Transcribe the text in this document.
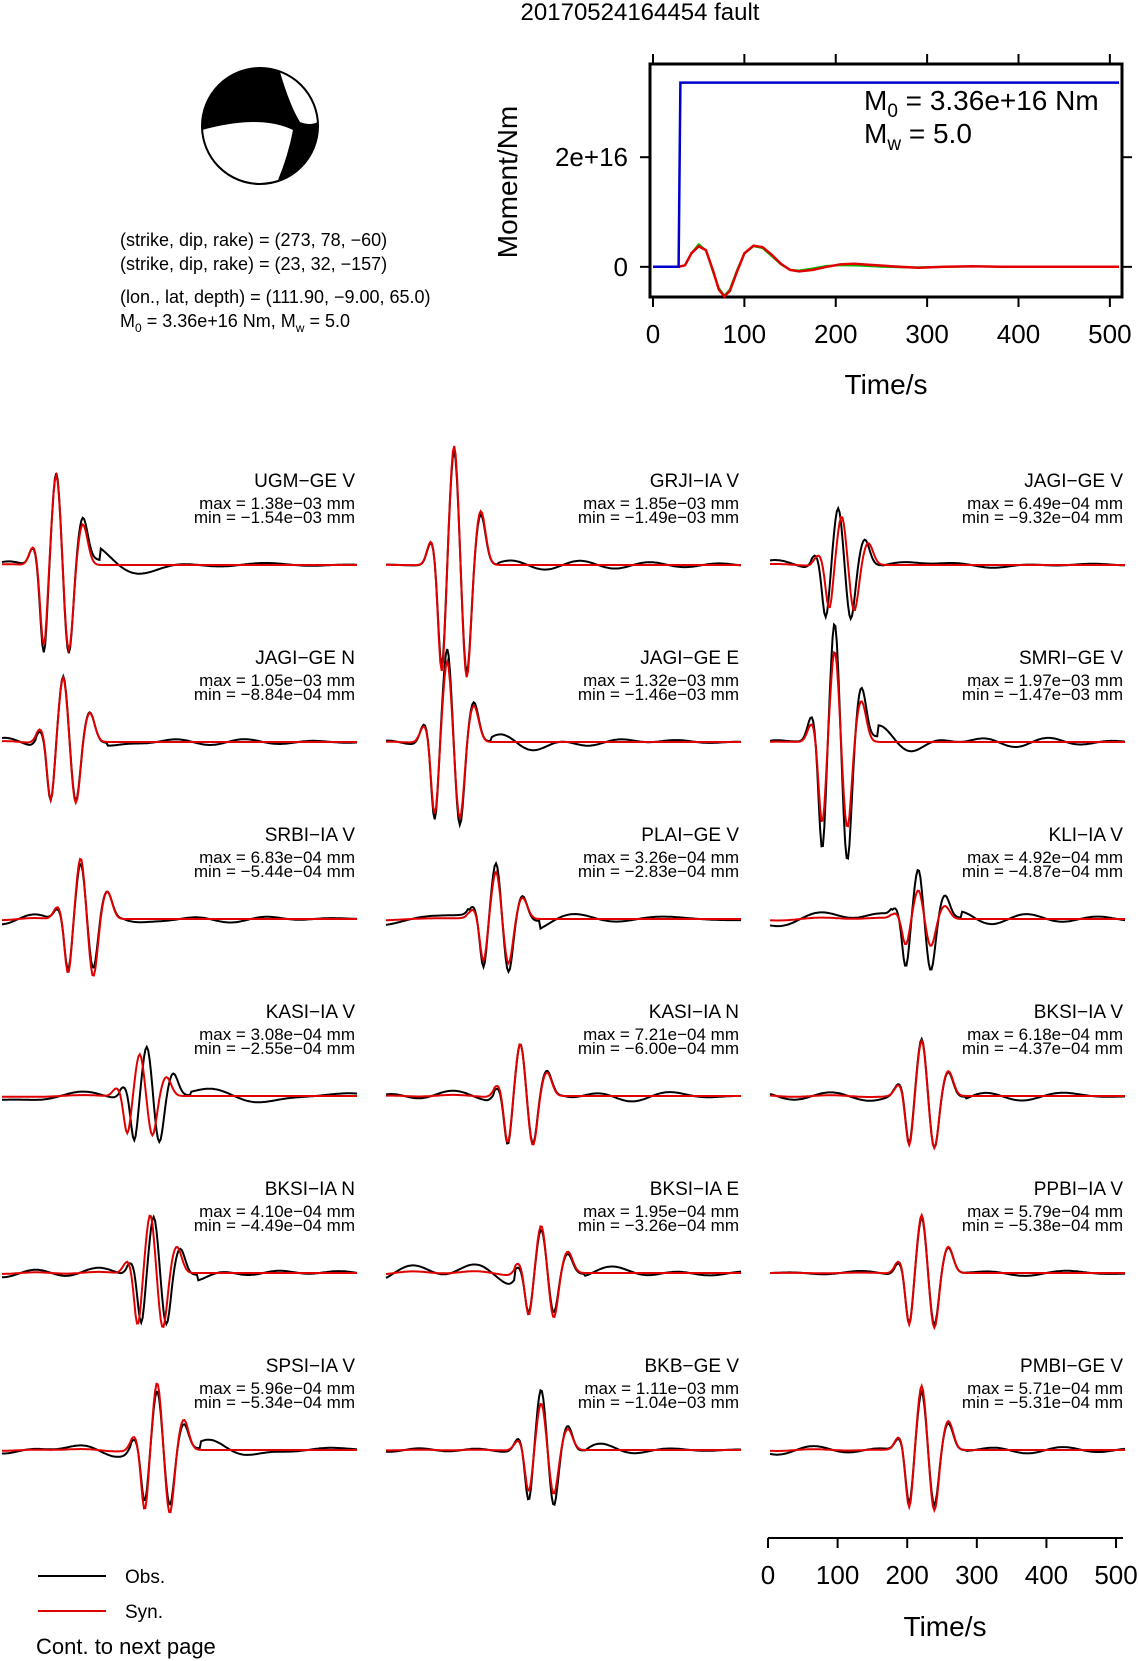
20170524164454 fault
(strike, dip, rake) = (273, 78, −60)
(strike, dip, rake) = (23, 32, −157)
(lon., lat, depth) = (111.90, −9.00, 65.0)
$M_0 = 3.36e+16$ Nm, $M_w = 5.0$	0 100 200 300 400 500
0
2e+16
Moment/Nm
Time/s
$M_0 = 3.36e+16$ Nm
$M_w = 5.0$
UGM−GE V
max = 1.38e−03 mm
min = −1.54e−03 mm
GRJI−IA V
max = 1.85e−03 mm
min = −1.49e−03 mm
JAGI−GE V
max = 6.49e−04 mm
min = −9.32e−04 mm
JAGI−GE N
max = 1.05e−03 mm
min = −8.84e−04 mm
JAGI−GE E
max = 1.32e−03 mm
min = −1.46e−03 mm
SMRI−GE V
max = 1.97e−03 mm
min = −1.47e−03 mm
SRBI−IA V
max = 6.83e−04 mm
min = −5.44e−04 mm
PLAI−GE V
max = 3.26e−04 mm
min = −2.83e−04 mm
KLI−IA V
max = 4.92e−04 mm
min = −4.87e−04 mm
KASI−IA V
max = 3.08e−04 mm
min = −2.55e−04 mm
KASI−IA N
max = 7.21e−04 mm
min = −6.00e−04 mm
BKSI−IA V
max = 6.18e−04 mm
min = −4.37e−04 mm
BKSI−IA N
max = 4.10e−04 mm
min = −4.49e−04 mm
BKSI−IA E
max = 1.95e−04 mm
min = −3.26e−04 mm
PPBI−IA V
max = 5.79e−04 mm
min = −5.38e−04 mm
SPSI−IA V
max = 5.96e−04 mm
min = −5.34e−04 mm
BKB−GE V
max = 1.11e−03 mm
min = −1.04e−03 mm
PMBI−GE V
max = 5.71e−04 mm
min = −5.31e−04 mm
0 100 200 300 400 500
Time/s
Obs.
Syn.
Cont. to next page
